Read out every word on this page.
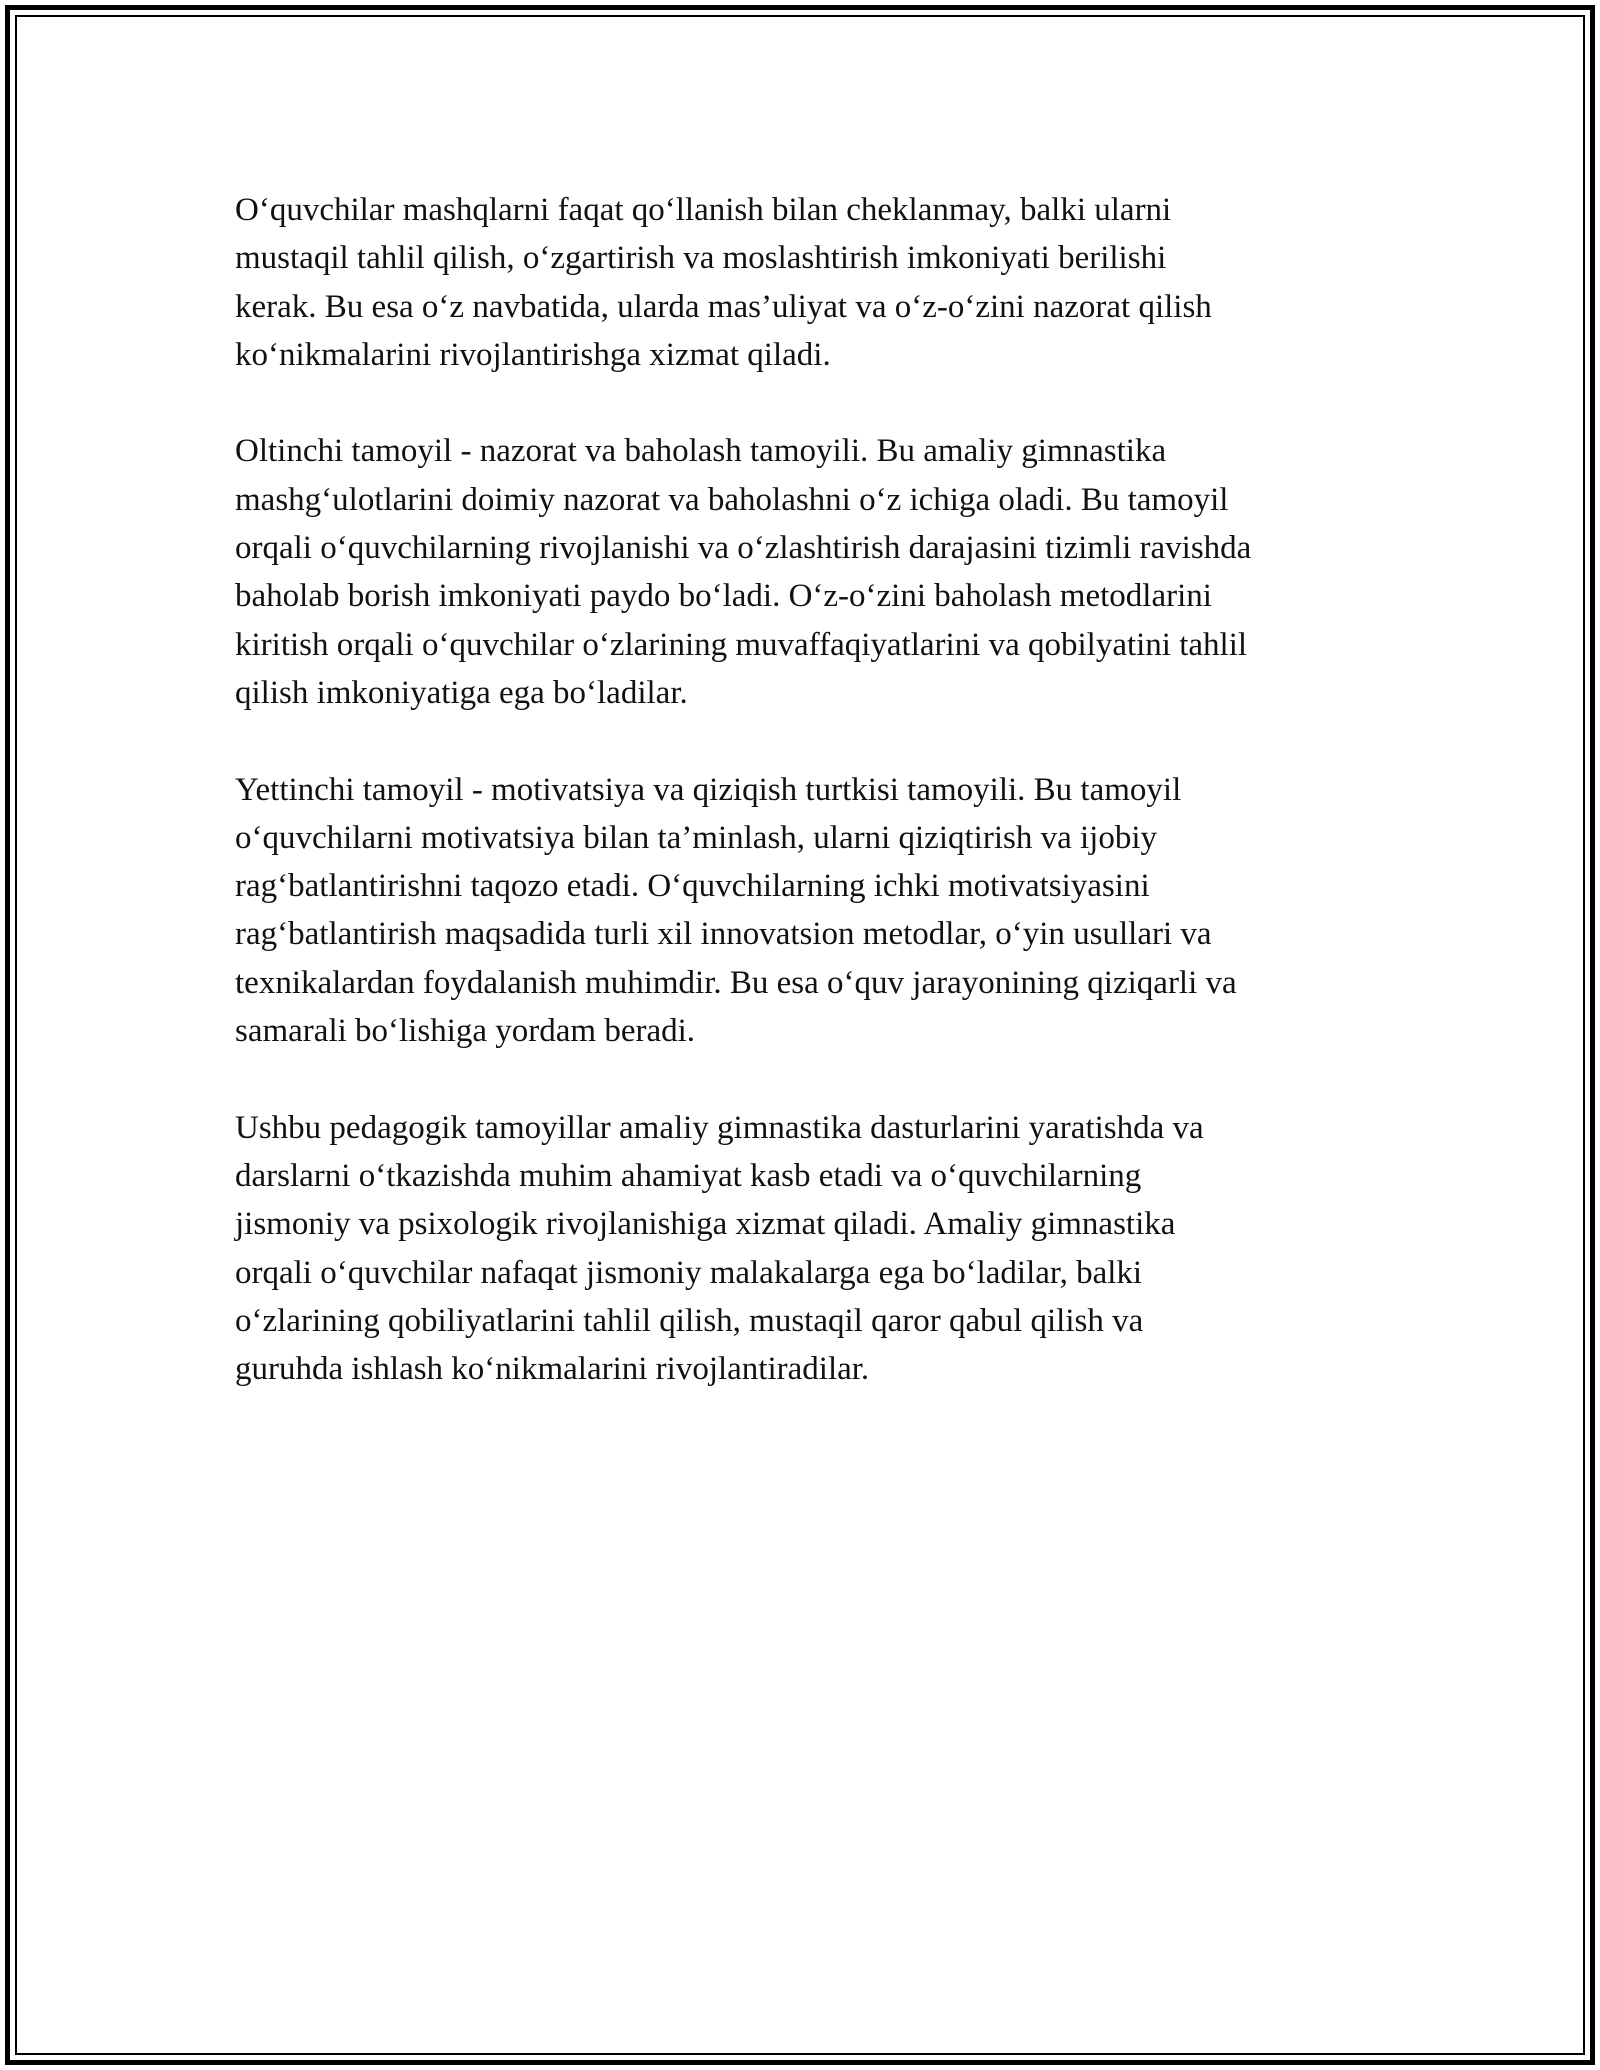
O‘quvchilar mashqlarni faqat qo‘llanish bilan cheklanmay, balki ularni
mustaqil tahlil qilish, o‘zgartirish va moslashtirish imkoniyati berilishi
kerak. Bu esa o‘z navbatida, ularda mas’uliyat va o‘z-o‘zini nazorat qilish
ko‘nikmalarini rivojlantirishga xizmat qiladi.

Oltinchi tamoyil - nazorat va baholash tamoyili. Bu amaliy gimnastika
mashg‘ulotlarini doimiy nazorat va baholashni o‘z ichiga oladi. Bu tamoyil
orqali o‘quvchilarning rivojlanishi va o‘zlashtirish darajasini tizimli ravishda
baholab borish imkoniyati paydo bo‘ladi. O‘z-o‘zini baholash metodlarini
kiritish orqali o‘quvchilar o‘zlarining muvaffaqiyatlarini va qobilyatini tahlil
qilish imkoniyatiga ega bo‘ladilar.

Yettinchi tamoyil - motivatsiya va qiziqish turtkisi tamoyili. Bu tamoyil
o‘quvchilarni motivatsiya bilan ta’minlash, ularni qiziqtirish va ijobiy
rag‘batlantirishni taqozo etadi. O‘quvchilarning ichki motivatsiyasini
rag‘batlantirish maqsadida turli xil innovatsion metodlar, o‘yin usullari va
texnikalardan foydalanish muhimdir. Bu esa o‘quv jarayonining qiziqarli va
samarali bo‘lishiga yordam beradi.

Ushbu pedagogik tamoyillar amaliy gimnastika dasturlarini yaratishda va
darslarni o‘tkazishda muhim ahamiyat kasb etadi va o‘quvchilarning
jismoniy va psixologik rivojlanishiga xizmat qiladi. Amaliy gimnastika
orqali o‘quvchilar nafaqat jismoniy malakalarga ega bo‘ladilar, balki
o‘zlarining qobiliyatlarini tahlil qilish, mustaqil qaror qabul qilish va
guruhda ishlash ko‘nikmalarini rivojlantiradilar.
